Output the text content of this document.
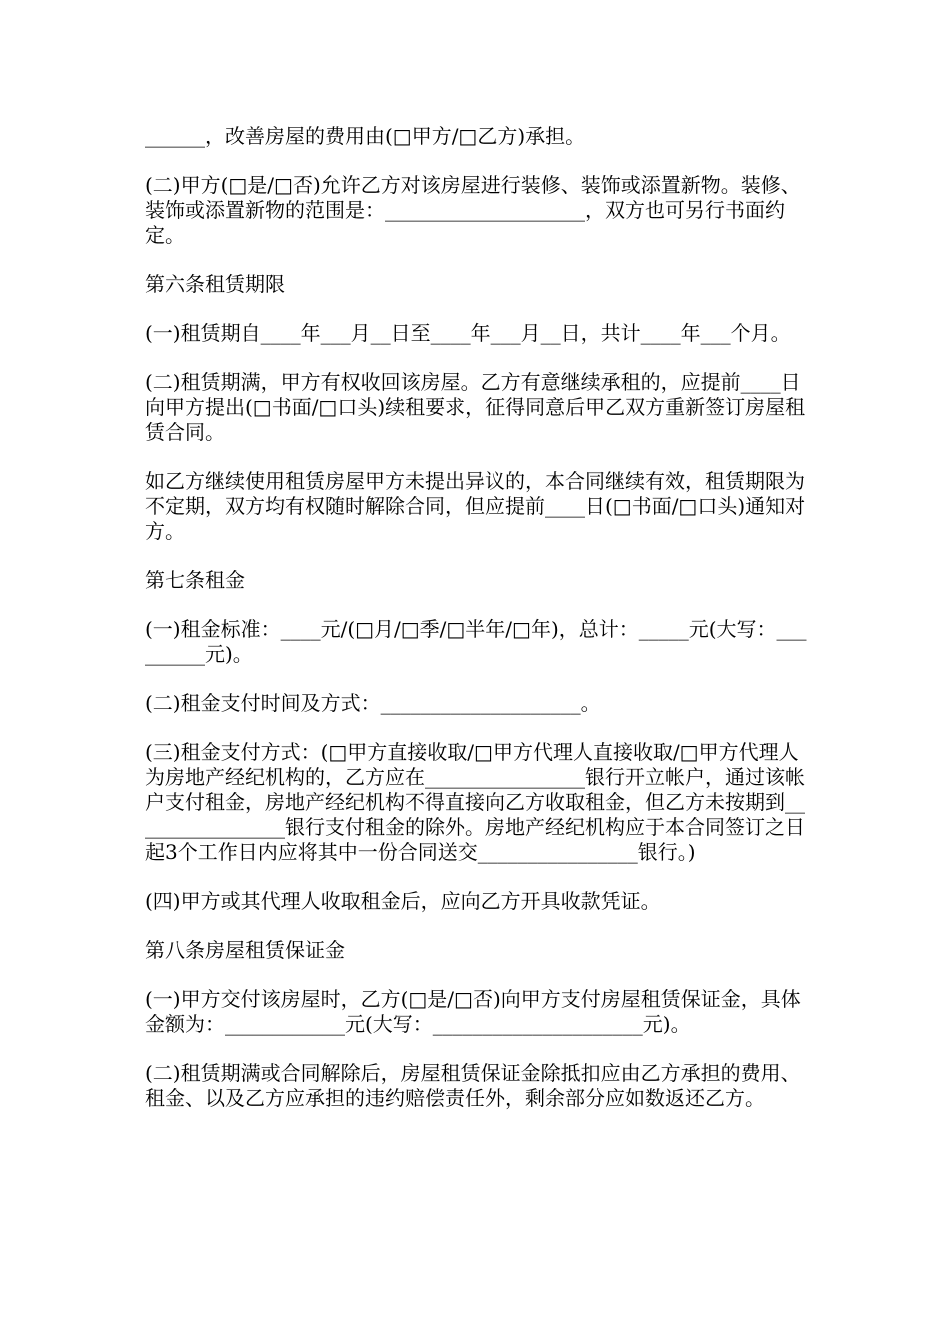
______，改善房屋的费用由(□甲方/□乙方)承担。

(二)甲方(□是/□否)允许乙方对该房屋进行装修、装饰或添置新物。装修、装饰或添置新物的范围是：____________________，双方也可另行书面约定。

第六条租赁期限

(一)租赁期自____年___月__日至____年___月__日，共计____年___个月。

(二)租赁期满，甲方有权收回该房屋。乙方有意继续承租的，应提前____日向甲方提出(□书面/□口头)续租要求，征得同意后甲乙双方重新签订房屋租赁合同。

如乙方继续使用租赁房屋甲方未提出异议的，本合同继续有效，租赁期限为不定期，双方均有权随时解除合同，但应提前____日(□书面/□口头)通知对方。

第七条租金

(一)租金标准：____元/(□月/□季/□半年/□年)，总计：_____元(大写：_________元)。

(二)租金支付时间及方式：____________________。

(三)租金支付方式：(□甲方直接收取/□甲方代理人直接收取/□甲方代理人为房地产经纪机构的，乙方应在________________银行开立帐户，通过该帐户支付租金，房地产经纪机构不得直接向乙方收取租金，但乙方未按期到________________银行支付租金的除外。房地产经纪机构应于本合同签订之日起3个工作日内应将其中一份合同送交________________银行。)

(四)甲方或其代理人收取租金后，应向乙方开具收款凭证。

第八条房屋租赁保证金

(一)甲方交付该房屋时，乙方(□是/□否)向甲方支付房屋租赁保证金，具体金额为：____________元(大写：_____________________元)。

(二)租赁期满或合同解除后，房屋租赁保证金除抵扣应由乙方承担的费用、租金、以及乙方应承担的违约赔偿责任外，剩余部分应如数返还乙方。
